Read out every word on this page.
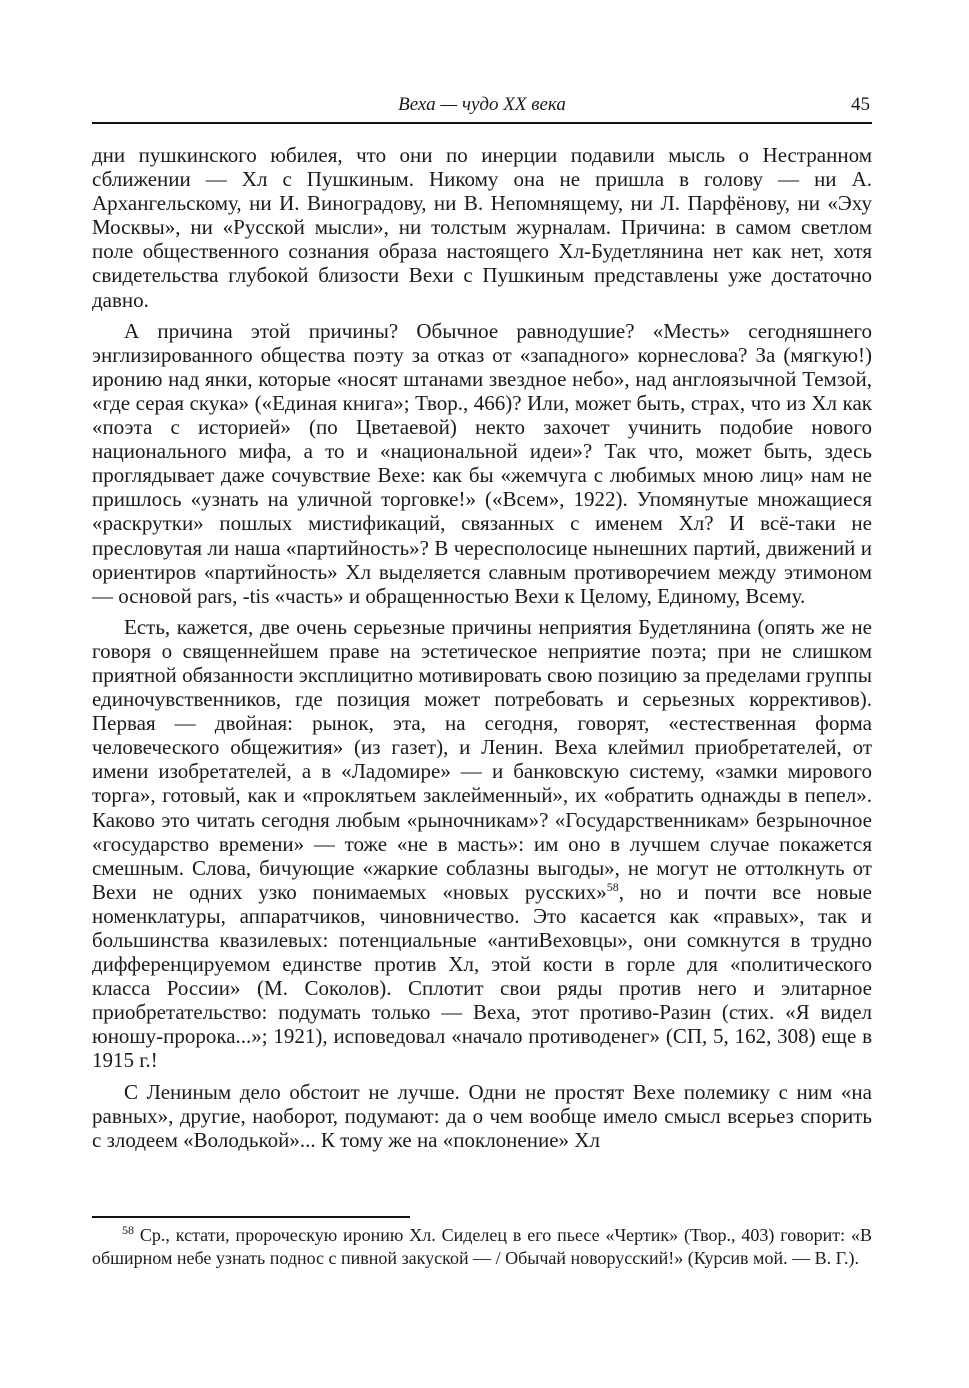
Веха — чудо XX века	45

дни пушкинского юбилея, что они по инерции подавили мысль о Нестранном сближении — Хл с Пушкиным. Никому она не пришла в голову — ни А. Архангельскому, ни И. Виноградову, ни В. Непомнящему, ни Л. Парфёнову, ни «Эху Москвы», ни «Русской мысли», ни толстым журналам. Причина: в самом светлом поле общественного сознания образа настоящего Хл-Будетлянина нет как нет, хотя свидетельства глубокой близости Вехи с Пушкиным представлены уже достаточно давно.

А причина этой причины? Обычное равнодушие? «Месть» сегодняшнего энглизированного общества поэту за отказ от «западного» корнеслова? За (мягкую!) иронию над янки, которые «носят штанами звездное небо», над англоязычной Темзой, «где серая скука» («Единая книга»; Твор., 466)? Или, может быть, страх, что из Хл как «поэта с историей» (по Цветаевой) некто захочет учинить подобие нового национального мифа, а то и «национальной идеи»? Так что, может быть, здесь проглядывает даже сочувствие Вехе: как бы «жемчуга с любимых мною лиц» нам не пришлось «узнать на уличной торговке!» («Всем», 1922). Упомянутые множащиеся «раскрутки» пошлых мистификаций, связанных с именем Хл? И всё-таки не пресловутая ли наша «партийность»? В чересполосице нынешних партий, движений и ориентиров «партийность» Хл выделяется славным противоречием между этимоном — основой pars, -tis «часть» и обращенностью Вехи к Целому, Единому, Всему.

Есть, кажется, две очень серьезные причины неприятия Будетлянина (опять же не говоря о священнейшем праве на эстетическое неприятие поэта; при не слишком приятной обязанности эксплицитно мотивировать свою позицию за пределами группы единочувственников, где позиция может потребовать и серьезных коррективов). Первая — двойная: рынок, эта, на сегодня, говорят, «естественная форма человеческого общежития» (из газет), и Ленин. Веха клеймил приобретателей, от имени изобретателей, а в «Ладомире» — и банковскую систему, «замки мирового торга», готовый, как и «проклятьем заклейменный», их «обратить однажды в пепел». Каково это читать сегодня любым «рыночникам»? «Государственникам» безрыночное «государство времени» — тоже «не в масть»: им оно в лучшем случае покажется смешным. Слова, бичующие «жаркие соблазны выгоды», не могут не оттолкнуть от Вехи не одних узко понимаемых «новых русских»$^{58}$, но и почти все новые номенклатуры, аппаратчиков, чиновничество. Это касается как «правых», так и большинства квазилевых: потенциальные «антиВеховцы», они сомкнутся в трудно дифференцируемом единстве против Хл, этой кости в горле для «политического класса России» (М. Соколов). Сплотит свои ряды против него и элитарное приобретательство: подумать только — Веха, этот противо-Разин (стих. «Я видел юношу-пророка...»; 1921), исповедовал «начало противоденег» (СП, 5, 162, 308) еще в 1915 г.!

С Лениным дело обстоит не лучше. Одни не простят Вехе полемику с ним «на равных», другие, наоборот, подумают: да о чем вообще имело смысл всерьез спорить с злодеем «Володькой»... К тому же на «поклонение» Хл

$^{58}$ Ср., кстати, пророческую иронию Хл. Сиделец в его пьесе «Чертик» (Твор., 403) говорит: «В обширном небе узнать поднос с пивной закуской — / Обычай новорусский!» (Курсив мой. — В. Г.).
